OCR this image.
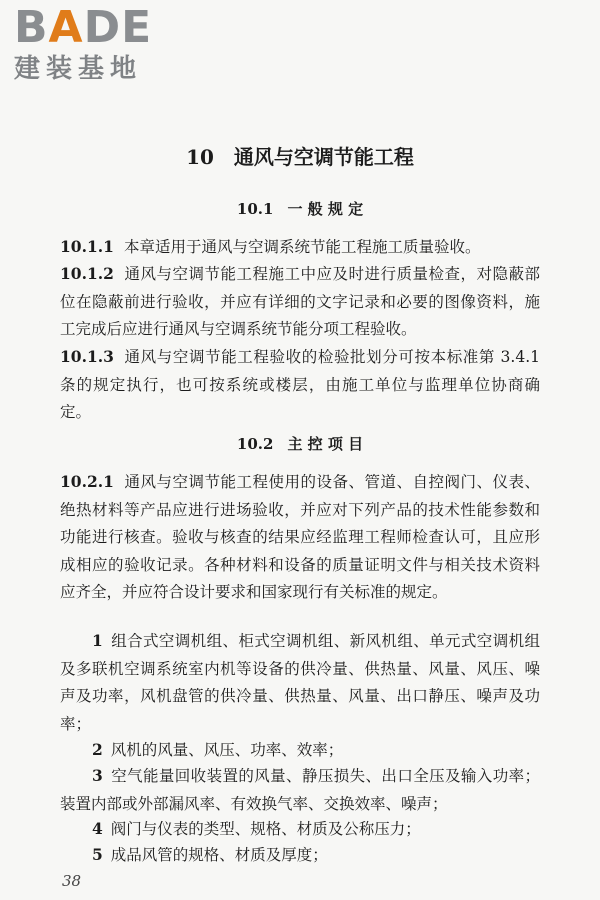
BADE
建装基地
10 通风与空调节能工程
10.1 一 般 规 定
10.1.1 本章适用于通风与空调系统节能工程施工质量验收。
10.1.2 通风与空调节能工程施工中应及时进行质量检查，对隐蔽部位在隐蔽前进行验收，并应有详细的文字记录和必要的图像资料，施工完成后应进行通风与空调系统节能分项工程验收。
10.1.3 通风与空调节能工程验收的检验批划分可按本标准第 3.4.1 条的规定执行，也可按系统或楼层，由施工单位与监理单位协商确定。
10.2 主 控 项 目
10.2.1 通风与空调节能工程使用的设备、管道、自控阀门、仪表、绝热材料等产品应进行进场验收，并应对下列产品的技术性能参数和功能进行核查。验收与核查的结果应经监理工程师检查认可，且应形成相应的验收记录。各种材料和设备的质量证明文件与相关技术资料应齐全，并应符合设计要求和国家现行有关标准的规定。
1 组合式空调机组、柜式空调机组、新风机组、单元式空调机组及多联机空调系统室内机等设备的供冷量、供热量、风量、风压、噪声及功率，风机盘管的供冷量、供热量、风量、出口静压、噪声及功率；
2 风机的风量、风压、功率、效率；
3 空气能量回收装置的风量、静压损失、出口全压及输入功率；装置内部或外部漏风率、有效换气率、交换效率、噪声；
4 阀门与仪表的类型、规格、材质及公称压力；
5 成品风管的规格、材质及厚度；
38
